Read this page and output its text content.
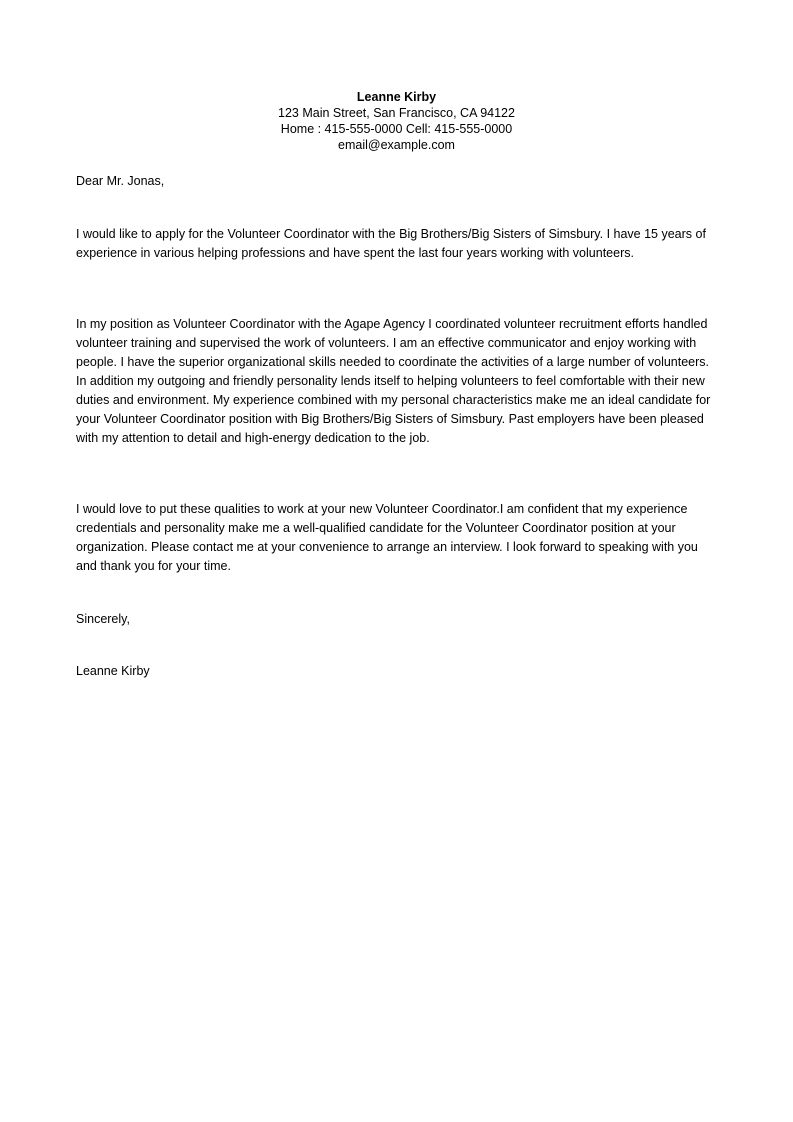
Leanne Kirby
123 Main Street, San Francisco, CA 94122
Home : 415-555-0000 Cell: 415-555-0000
email@example.com
Dear Mr. Jonas,

I would like to apply for the Volunteer Coordinator with the Big Brothers/Big Sisters of Simsbury. I have 15 years of experience in various helping professions and have spent the last four years working with volunteers.

In my position as Volunteer Coordinator with the Agape Agency I coordinated volunteer recruitment efforts handled volunteer training and supervised the work of volunteers. I am an effective communicator and enjoy working with people. I have the superior organizational skills needed to coordinate the activities of a large number of volunteers. In addition my outgoing and friendly personality lends itself to helping volunteers to feel comfortable with their new duties and environment. My experience combined with my personal characteristics make me an ideal candidate for your Volunteer Coordinator position with Big Brothers/Big Sisters of Simsbury. Past employers have been pleased with my attention to detail and high-energy dedication to the job.

I would love to put these qualities to work at your new Volunteer Coordinator.I am confident that my experience credentials and personality make me a well-qualified candidate for the Volunteer Coordinator position at your organization. Please contact me at your convenience to arrange an interview. I look forward to speaking with you and thank you for your time.

Sincerely,
Leanne Kirby
